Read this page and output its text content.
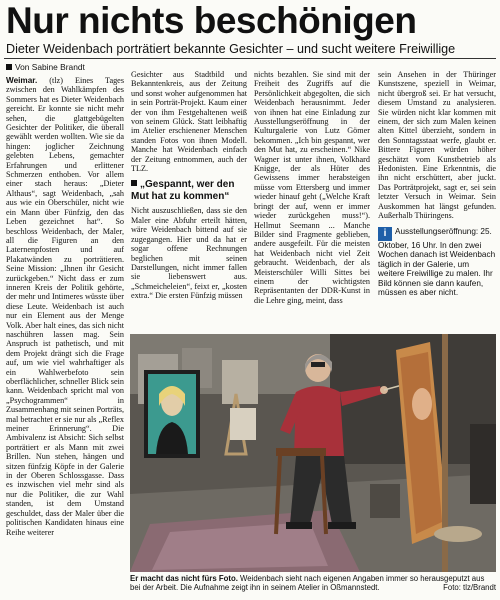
Nur nichts beschönigen
Dieter Weidenbach porträtiert bekannte Gesichter – und sucht weitere Freiwillige
Von Sabine Brandt

Weimar. (tlz) Eines Tages zwischen den Wahlkämpfen des Sommers hat es Dieter Weidenbach gereicht. Er konnte sie nicht mehr sehen, die glattgebügelten Gesichter der Politiker, die überall gewählt werden wollten. Wie sie da hingen: joglicher Zeichnung gelebten Lebens, gemachter Erfahrungen und erlittener Schmerzen enthoben. Vor allem einer stach heraus: „Dieter Althaus“, sagt Weidenbach, „sah aus wie ein Oberschüler, nicht wie ein Mann über Fünfzig, den das Leben gezeichnet hat“. So beschloss Weidenbach, der Maler, all die Figuren an den Laternenpfosten und auf Plakatwänden zu porträtieren. Seine Mission: „Ihnen ihr Gesicht zurückgeben.“ Nicht dass er zum inneren Kreis der Politik gehörte, der mehr und Intimeres wüsste über diese Leute. Weidenbach ist auch nur ein Element aus der Menge Volk. Aber halt eines, das sich nicht naschühren lassen mag. Sein Anspruch ist pathetisch, und mit dem Projekt drängt sich die Frage auf, um wie viel wahrhaftiger als ein Wahlwerbefoto sein oberflächlicher, schneller Blick sein kann. Weidenbach spricht mal von „Psychogrammen“ in Zusammenhang mit seinen Porträts, mal betrachtet er sie nur als „Reflex meiner Erinnerung“. Die Ambivalenz ist Absicht: Sich selbst porträtiert er als Mann mit zwei Brillen. Nun stehen, hängen und sitzen fünfzig Köpfe in der Galerie in der Oberen Schlossgasse. Dass es inzwischen viel mehr sind als nur die Politiker, die zur Wahl standen, ist dem Umstand geschuldet, dass der Maler über die politischen Kandidaten hinaus eine Reihe weiterer

Gesichter aus Stadtbild und Bekanntenkreis, aus der Zeitung und sonst woher aufgenommen hat in sein Porträt-Projekt. Kaum einer der von ihm Festgehaltenen weiß von seinem Glück. Statt leibhaftig im Atelier erschienener Menschen standen Fotos von ihnen Modell. Manche hat Weidenbach einfach der Zeitung entnommen, auch der TLZ.

„Gespannt, wer den Mut hat zu kommen“

Nicht auszuschließen, dass sie den Maler eine Abfuhr erteilt hätten, wäre Weidenbach bittend auf sie zugegangen. Hier und da hat er sogar offene Rechnungen beglichen mit seinen Darstellungen, nicht immer fallen sie liebenswert aus. „Schmeicheleien“, feixt er, „kosten extra.“ Die ersten Fünfzig müssen

nichts bezahlen. Sie sind mit der Freiheit des Zugriffs auf die Persönlichkeit abgegolten, die sich Weidenbach herausnimmt. Jeder von ihnen hat eine Einladung zur Ausstellungseröffnung in der Kulturgalerie von Lutz Gömer bekommen. „Ich bin gespannt, wer den Mut hat, zu erscheinen.“ Nike Wagner ist unter ihnen, Volkhard Knigge, der als Hüter des Gewissens immer herabsteigen müsse vom Ettersberg und immer wieder hinauf geht („Welche Kraft bringt der auf, wenn er immer wieder zurückgehen muss!“). Hellmut Seemann ... Manche Bilder sind Fragmente geblieben, andere ausgefeilt. Für die meisten hat Weidenbach nicht viel Zeit gebraucht. Weidenbach, der als Meisterschüler Willi Sittes bei einem der wichtigsten Repräsentanten der DDR-Kunst in die Lehre ging, meint, dass

sein Ansehen in der Thüringer Kunstszene, speziell in Weimar, nicht übergroß sei. Er hat versucht, diesem Umstand zu analysieren. Sie würden nicht klar kommen mit einem, der sich zum Malen keinen alten Kittel überzieht, sondern in den Sonntagsstaat werfe, glaubt er. Bittere Figuren würden höher geschätzt vom Kunstbetrieb als Hedonisten. Eine Erkenntnis, die ihn nicht erschüttert, aber juckt. Das Porträtprojekt, sagt er, sei sein letzter Versuch in Weimar. Sein Auskommen hat längst gefunden. Außerhalb Thüringens.

i Ausstellungseröffnung: 25. Oktober, 16 Uhr. In den zwei Wochen danach ist Weidenbach täglich in der Galerie, um weitere Freiwillige zu malen. Ihr Bild können sie dann kaufen, müssen es aber nicht.
Er macht das nicht fürs Foto. Weidenbach sieht nach eigenen Angaben immer so herausgeputzt aus bei der Arbeit. Die Aufnahme zeigt ihn in seinem Atelier in Oßmannstedt.	Foto: tlz/Brandt
